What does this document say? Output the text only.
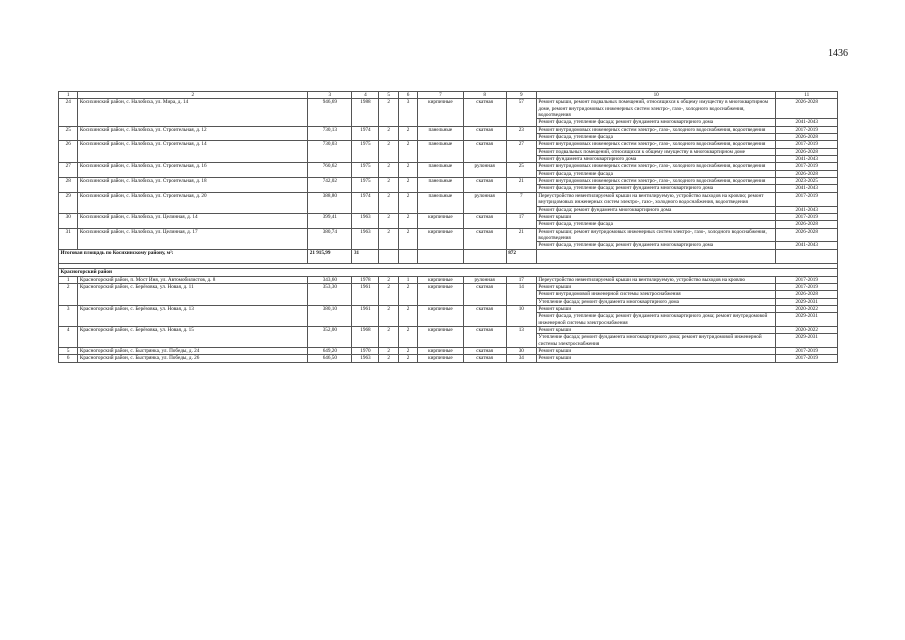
1436
1	2	3	4	5	6	7	8	9	10	11
24	Косихинский район, с. Налобиха, ул. Мира, д. 14	946,69	1988	2	3	кирпичные	скатная	57	Ремонт крыши, ремонт подвальных помещений, относящихся к общему имуществу в многоквартирном доме, ремонт внутридомовых инженерных систем электро-, газо-, холодного водоснабжения, водоотведения	2026-2028
									Ремонт фасада, утепление фасада; ремонт фундамента многоквартирного дома	2041-2043
25	Косихинский район, с. Налобиха, ул. Строительная, д. 12	730,13	1974	2	2	панельные	скатная	23	Ремонт внутридомовых инженерных систем электро-, газо-, холодного водоснабжения, водоотведения	2017-2019
									Ремонт фасада, утепление фасада	2026-2028
26	Косихинский район, с. Налобиха, ул. Строительная, д. 14	730,03	1975	2	2	панельные	скатная	27	Ремонт внутридомовых инженерных систем электро-, газо-, холодного водоснабжения, водоотведения	2017-2019
									Ремонт подвальных помещений, относящихся к общему имуществу в многоквартирном доме	2026-2028
									Ремонт фундамента многоквартирного дома	2041-2043
27	Косихинский район, с. Налобиха, ул. Строительная, д. 16	760,62	1975	2	2	панельные	рулонная	25	Ремонт внутридомовых инженерных систем электро-, газо-, холодного водоснабжения, водоотведения	2017-2019
									Ремонт фасада, утепление фасада	2026-2028
28	Косихинский район, с. Налобиха, ул. Строительная, д. 18	742,02	1975	2	2	панельные	скатная	21	Ремонт внутридомовых инженерных систем электро-, газо-, холодного водоснабжения, водоотведения	2023-2025
									Ремонт фасада, утепление фасада; ремонт фундамента многоквартирного дома	2041-2043
29	Косихинский район, с. Налобиха, ул. Строительная, д. 20	388,80	1974	2	2	панельные	рулонная	7	Переустройство невентилируемой крыши на вентилируемую, устройство выходов на кровлю; ремонт внутридомовых инженерных систем электро-, газо-, холодного водоснабжения, водоотведения	2017-2019
									Ремонт фасада; ремонт фундамента многоквартирного дома	2041-2043
30	Косихинский район, с. Налобиха, ул. Целинная, д. 14	399,41	1963	2	2	кирпичные	скатная	17	Ремонт крыши	2017-2019
									Ремонт фасада, утепление фасада	2026-2028
31	Косихинский район, с. Налобиха, ул. Целинная, д. 17	380,74	1963	2	2	кирпичные	скатная	21	Ремонт крыши; ремонт внутридомовых инженерных систем электро-, газо-, холодного водоснабжения, водоотведения	2026-2028
									Ремонт фасада, утепление фасада; ремонт фундамента многоквартирного дома	2041-2043
Итоговая площадь по Косихинскому району, м²:		21 915,99	31					872		

Красногорский район										
1	Красногорский район, п. Мост Иня, ул. Автомобилистов, д. 8	343,60	1978	2	1	кирпичные	рулонная	17	Переустройство невентилируемой крыши на вентилируемую, устройство выходов на кровлю	2017-2019
2	Красногорский район, с. Берёзовка, ул. Новая, д. 11	353,30	1961	2	2	кирпичные	скатная	14	Ремонт крыши	2017-2019
									Ремонт внутридомовой инженерной системы электроснабжения	2026-2028
									Утепление фасада; ремонт фундамента многоквартирного дома	2029-2031
3	Красногорский район, с. Берёзовка, ул. Новая, д. 13	380,10	1961	2	2	кирпичные	скатная	10	Ремонт крыши	2020-2022
									Ремонт фасада, утепление фасада; ремонт фундамента многоквартирного дома; ремонт внутридомовой инженерной системы электроснабжения	2029-2031
4	Красногорский район, с. Берёзовка, ул. Новая, д. 15	352,00	1968	2	2	кирпичные	скатная	13	Ремонт крыши	2020-2022
									Утепление фасада; ремонт фундамента многоквартирного дома; ремонт внутридомовой инженерной системы электроснабжения	2029-2031
5	Красногорский район, с. Быстрянка, ул. Победы, д. 24	649,20	1970	2	2	кирпичные	скатная	30	Ремонт крыши	2017-2019
6	Красногорский район, с. Быстрянка, ул. Победы, д. 26	646,50	1963	2	2	кирпичные	скатная	34	Ремонт крыши	2017-2019
